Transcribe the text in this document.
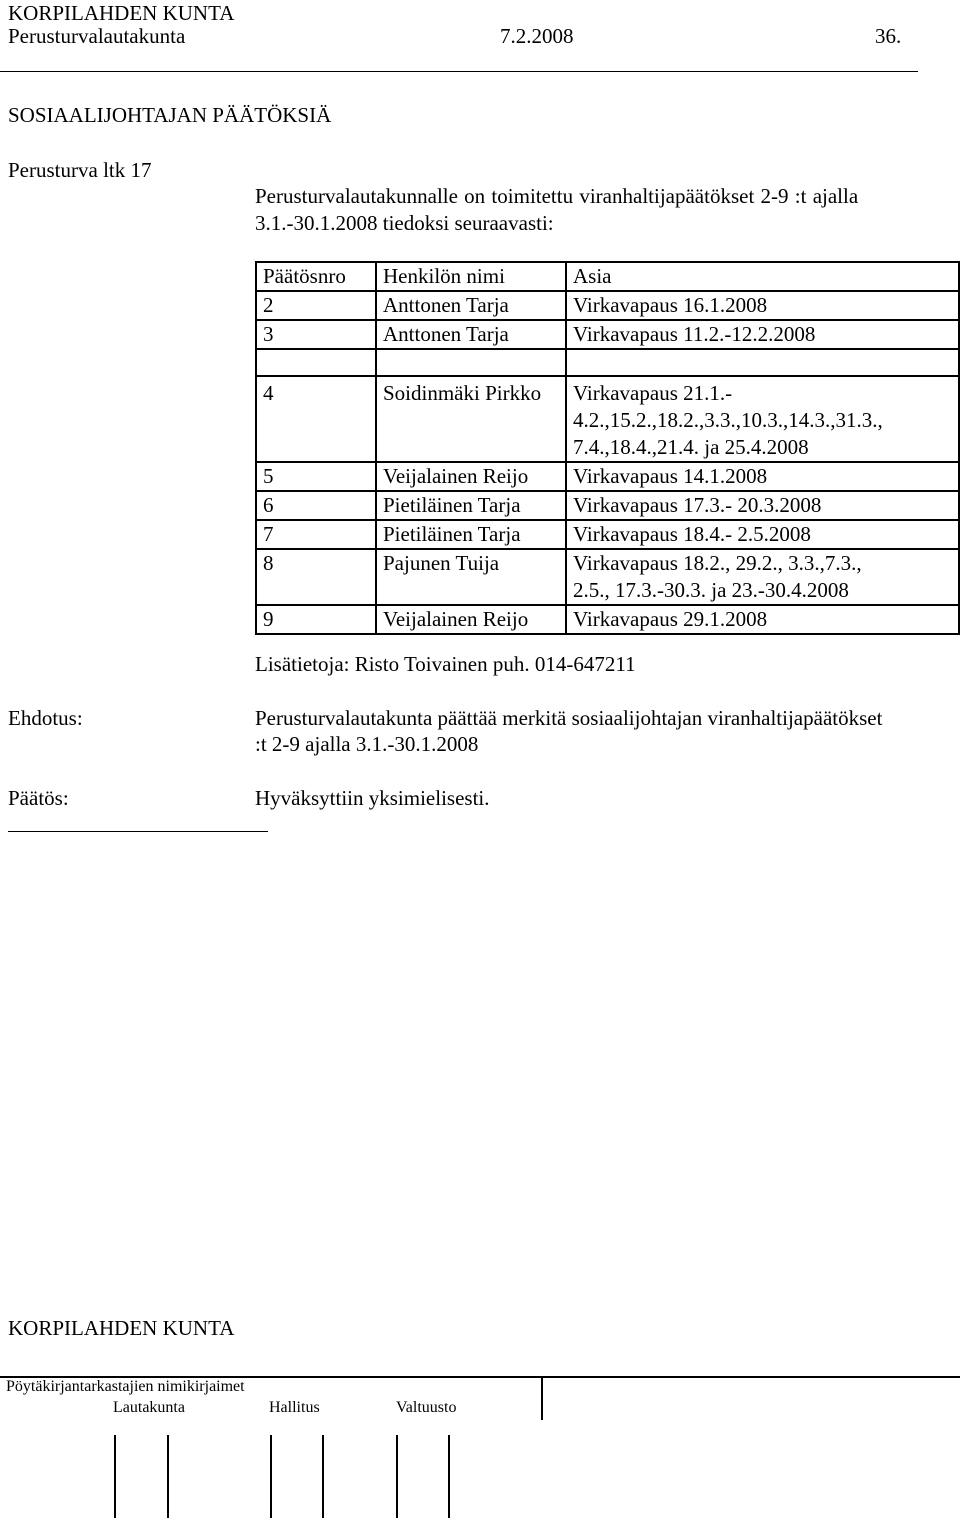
KORPILAHDEN KUNTA
Perusturvalautakunta	7.2.2008	36.
SOSIAALIJOHTAJAN PÄÄTÖKSIÄ
Perusturva ltk 17
Perusturvalautakunnalle on toimitettu viranhaltijapäätökset 2-9 :t ajalla
3.1.-30.1.2008 tiedoksi seuraavasti:
Päätösnro	Henkilön nimi	Asia
2	Anttonen Tarja	Virkavapaus 16.1.2008
3	Anttonen Tarja	Virkavapaus 11.2.-12.2.2008

4	Soidinmäki Pirkko	Virkavapaus 21.1.-
4.2.,15.2.,18.2.,3.3.,10.3.,14.3.,31.3.,
7.4.,18.4.,21.4. ja 25.4.2008

5	Veijalainen Reijo	Virkavapaus 14.1.2008
6	Pietiläinen Tarja	Virkavapaus 17.3.- 20.3.2008
7	Pietiläinen Tarja	Virkavapaus 18.4.- 2.5.2008
8	Pajunen Tuija	Virkavapaus 18.2., 29.2., 3.3.,7.3.,
2.5., 17.3.-30.3. ja 23.-30.4.2008

9	Veijalainen Reijo	Virkavapaus 29.1.2008
Lisätietoja: Risto Toivainen puh. 014-647211
Ehdotus:	Perusturvalautakunta päättää merkitä sosiaalijohtajan viranhaltijapäätökset
:t 2-9 ajalla 3.1.-30.1.2008
Päätös:	Hyväksyttiin yksimielisesti.
KORPILAHDEN KUNTA
Pöytäkirjantarkastajien nimikirjaimet
Lautakunta	Hallitus	Valtuusto
